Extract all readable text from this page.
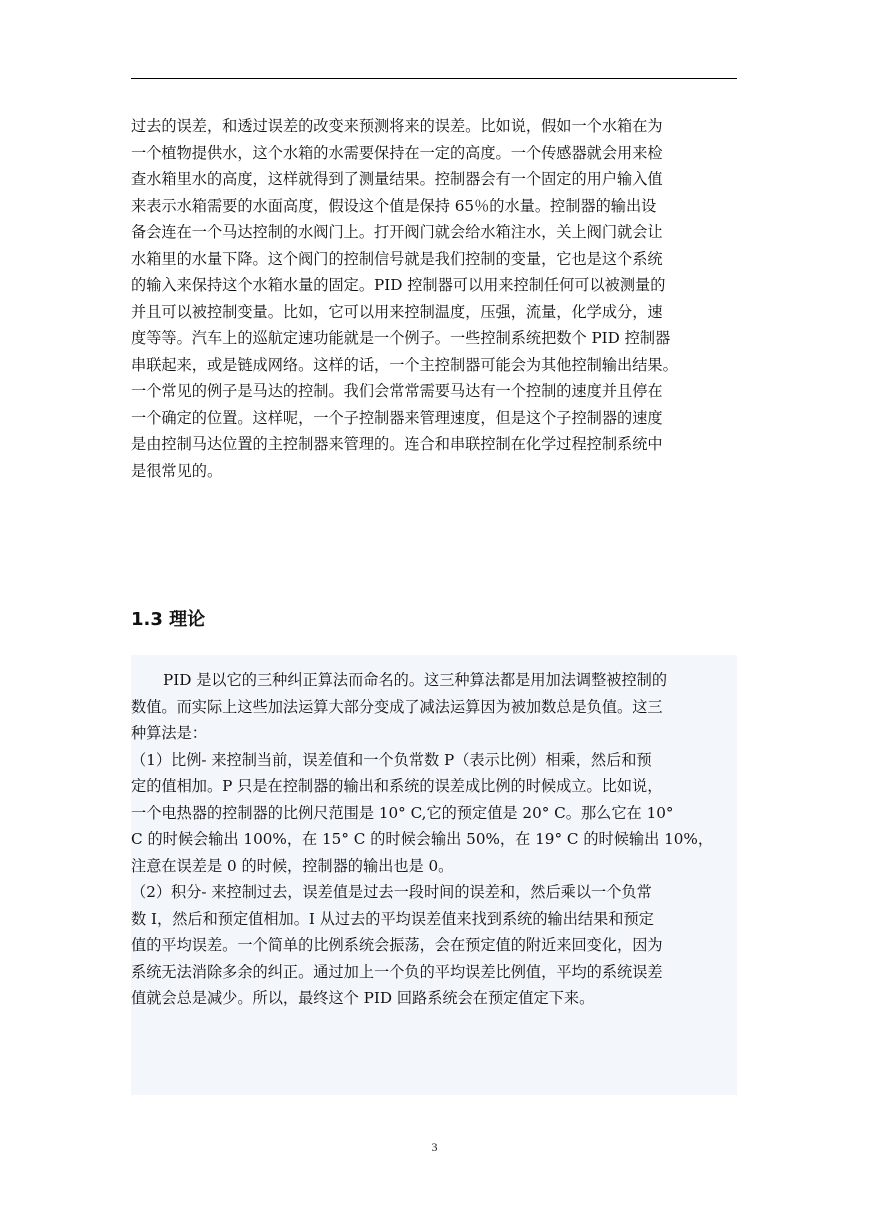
过去的误差，和透过误差的改变来预测将来的误差。比如说，假如一个水箱在为
一个植物提供水，这个水箱的水需要保持在一定的高度。一个传感器就会用来检
查水箱里水的高度，这样就得到了测量结果。控制器会有一个固定的用户输入值
来表示水箱需要的水面高度，假设这个值是保持 65％的水量。控制器的输出设
备会连在一个马达控制的水阀门上。打开阀门就会给水箱注水，关上阀门就会让
水箱里的水量下降。这个阀门的控制信号就是我们控制的变量，它也是这个系统
的输入来保持这个水箱水量的固定。PID 控制器可以用来控制任何可以被测量的
并且可以被控制变量。比如，它可以用来控制温度，压强，流量，化学成分，速
度等等。汽车上的巡航定速功能就是一个例子。一些控制系统把数个 PID 控制器
串联起来，或是链成网络。这样的话，一个主控制器可能会为其他控制输出结果。
一个常见的例子是马达的控制。我们会常常需要马达有一个控制的速度并且停在
一个确定的位置。这样呢，一个子控制器来管理速度，但是这个子控制器的速度
是由控制马达位置的主控制器来管理的。连合和串联控制在化学过程控制系统中
是很常见的。
1.3 理论
PID 是以它的三种纠正算法而命名的。这三种算法都是用加法调整被控制的
数值。而实际上这些加法运算大部分变成了减法运算因为被加数总是负值。这三
种算法是：
（1）比例- 来控制当前，误差值和一个负常数 P（表示比例）相乘，然后和预
定的值相加。P 只是在控制器的输出和系统的误差成比例的时候成立。比如说，
一个电热器的控制器的比例尺范围是 10° C,它的预定值是 20° C。那么它在 10°
C 的时候会输出 100%，在 15° C 的时候会输出 50%，在 19° C 的时候输出 10%，
注意在误差是 0 的时候，控制器的输出也是 0。
（2）积分- 来控制过去，误差值是过去一段时间的误差和，然后乘以一个负常
数 I，然后和预定值相加。I 从过去的平均误差值来找到系统的输出结果和预定
值的平均误差。一个简单的比例系统会振荡，会在预定值的附近来回变化，因为
系统无法消除多余的纠正。通过加上一个负的平均误差比例值，平均的系统误差
值就会总是减少。所以，最终这个 PID 回路系统会在预定值定下来。
3
